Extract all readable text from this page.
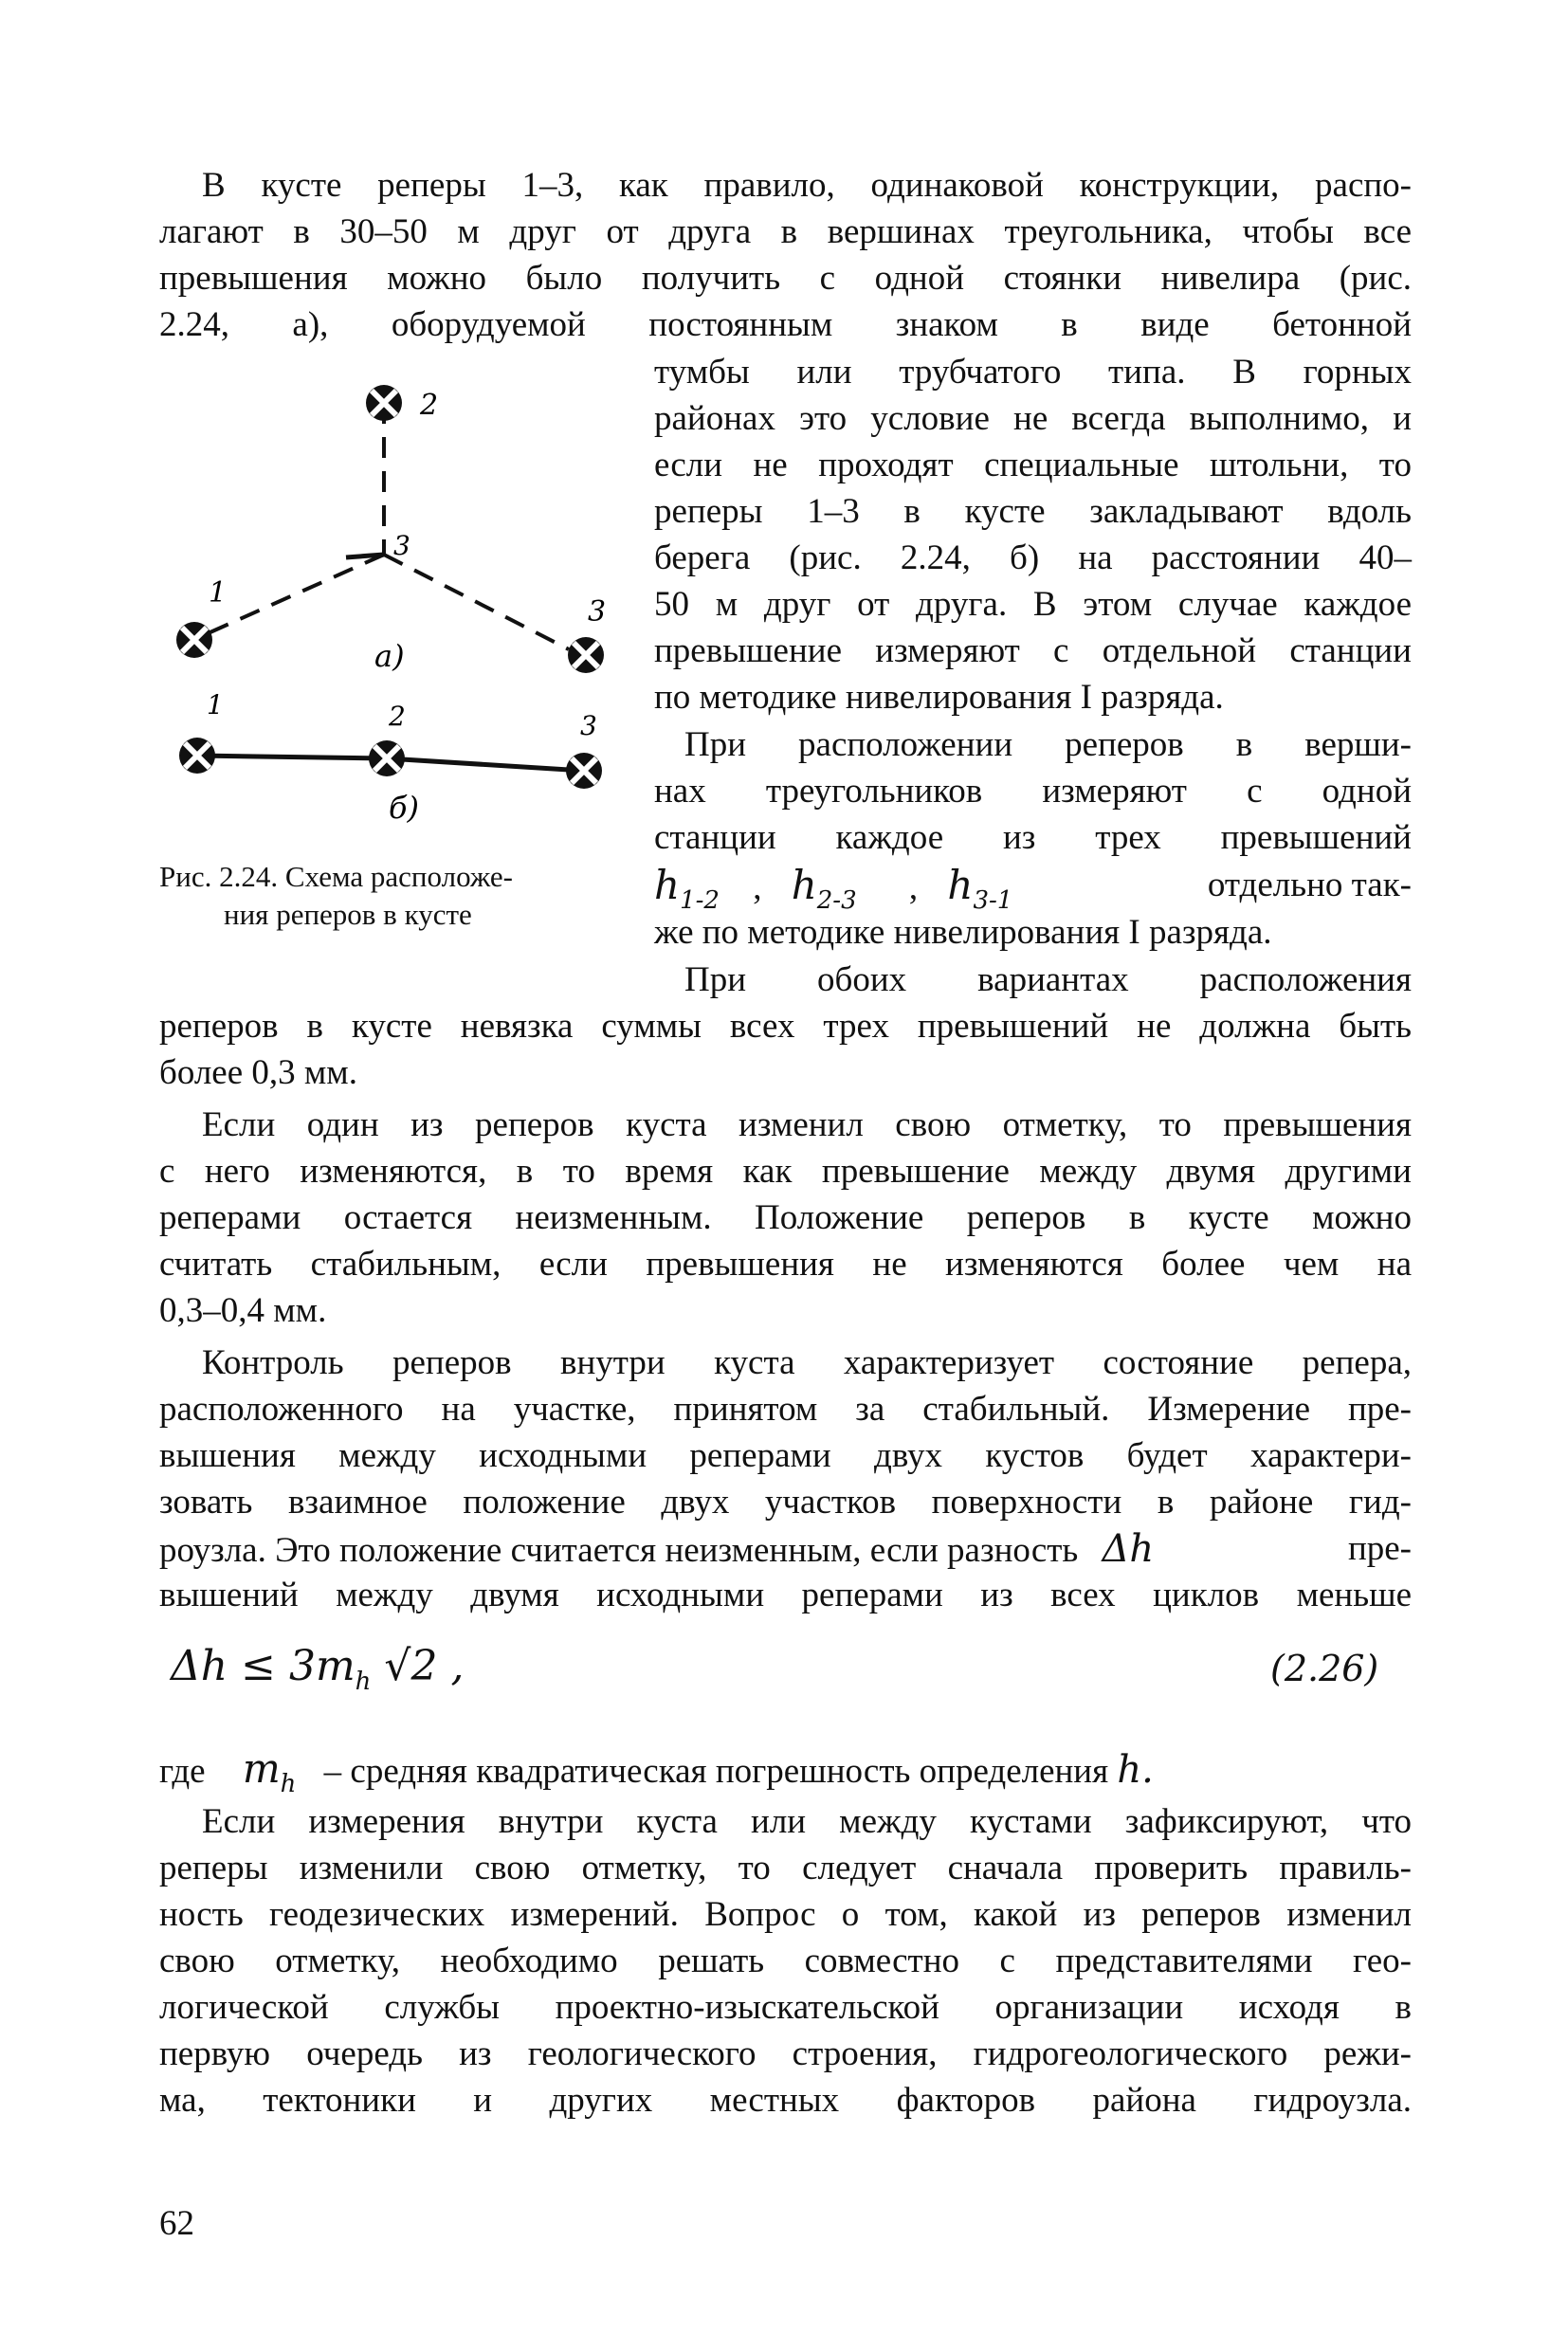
В кусте реперы 1–3, как правило, одинаковой конструкции, распо-
лагают в 30–50 м друг от друга в вершинах треугольника, чтобы все
превышения можно было получить с одной стоянки нивелира (рис.
2.24, а), оборудуемой постоянным знаком в виде бетонной
тумбы или трубчатого типа. В горных
районах это условие не всегда выполнимо, и
если не проходят специальные штольни, то
реперы 1–3 в кусте закладывают вдоль
берега (рис. 2.24, б) на расстоянии 40–
50 м друг от друга. В этом случае каждое
превышение измеряют с отдельной станции
по методике нивелирования I разряда.
При расположении реперов в верши-
нах треугольников измеряют с одной
станции каждое из трех превышений
$h_{1-2}$ , $h_{2-3}$ , $h_{3-1}$	отдельно так-
же по методике нивелирования I разряда.
При обоих вариантах расположения
реперов в кусте невязка суммы всех трех превышений не должна быть
более 0,3 мм.
Если один из реперов куста изменил свою отметку, то превышения
с него изменяются, в то время как превышение между двумя другими
реперами остается неизменным. Положение реперов в кусте можно
считать стабильным, если превышения не изменяются более чем на
0,3–0,4 мм.
Контроль реперов внутри куста характеризует состояние репера,
расположенного на участке, принятом за стабильный. Измерение пре-
вышения между исходными реперами двух кустов будет характери-
зовать взаимное положение двух участков поверхности в районе гид-
роузла. Это положение считается неизменным, если разность Δh	пре-
вышений между двумя исходными реперами из всех циклов меньше
$\Delta h \le 3m_h$ √2 ,	(2.26)
где $m_h$ – средняя квадратическая погрешность определения h.
Если измерения внутри куста или между кустами зафиксируют, что
реперы изменили свою отметку, то следует сначала проверить правиль-
ность геодезических измерений. Вопрос о том, какой из реперов изменил
свою отметку, необходимо решать совместно с представителями гео-
логической службы проектно-изыскательской организации исходя в
первую очередь из геологического строения, гидрогеологического режи-
ма, тектоники и других местных факторов района гидроузла.
62
2
3
1
3
а)
1	2	3
б)
Рис. 2.24. Схема расположе-
ния реперов в кусте
